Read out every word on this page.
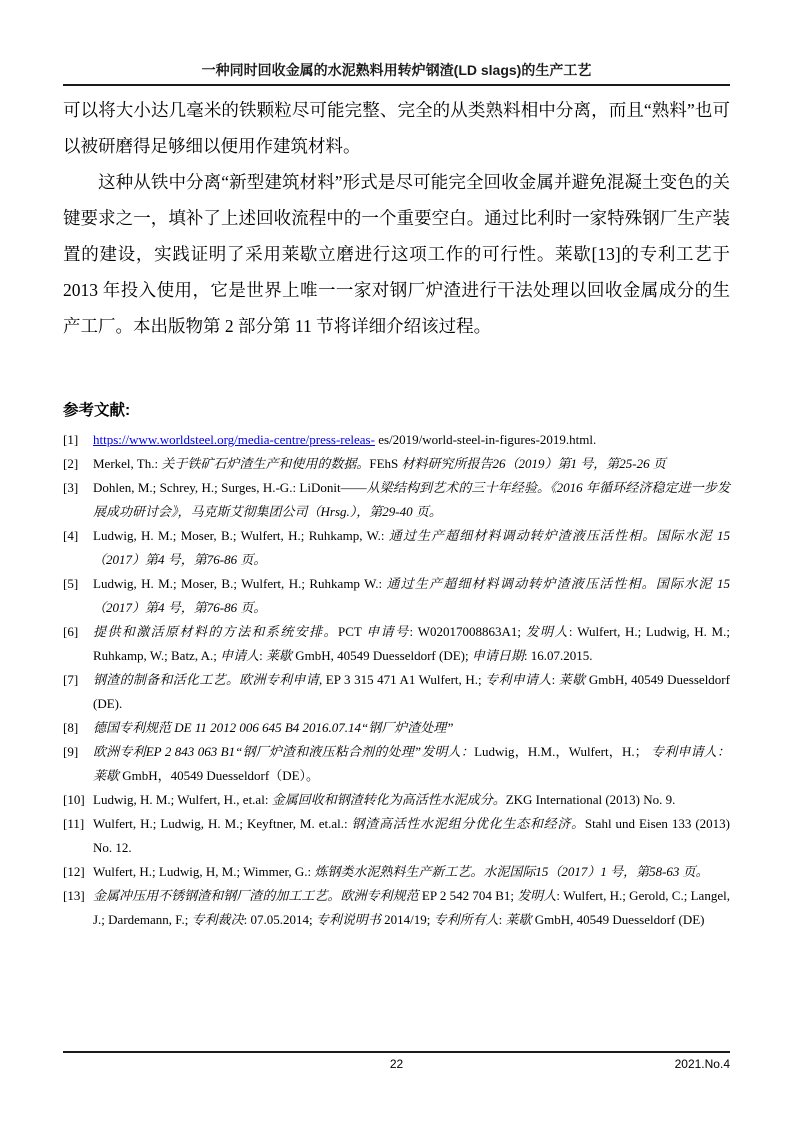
一种同时回收金属的水泥熟料用转炉钢渣(LD slags)的生产工艺

可以将大小达几毫米的铁颗粒尽可能完整、完全的从类熟料相中分离，而且“熟料”也可以被研磨得足够细以便用作建筑材料。

这种从铁中分离“新型建筑材料”形式是尽可能完全回收金属并避免混凝土变色的关键要求之一，填补了上述回收流程中的一个重要空白。通过比利时一家特殊钢厂生产装置的建设，实践证明了采用莱歇立磨进行这项工作的可行性。莱歇[13]的专利工艺于 2013 年投入使用，它是世界上唯一一家对钢厂炉渣进行干法处理以回收金属成分的生产工厂。本出版物第 2 部分第 11 节将详细介绍该过程。

参考文献:
[1] https://www.worldsteel.org/media-centre/press-releas- es/2019/world-steel-in-figures-2019.html.
[2] Merkel, Th.: 关于铁矿石炉渣生产和使用的数据。FEhS 材料研究所报告26（2019）第1 号，第25-26 页
[3] Dohlen, M.; Schrey, H.; Surges, H.-G.: LiDonit——从梁结构到艺术的三十年经验。《2016 年循环经济稳定进一步发展成功研讨会》，马克斯艾彻集团公司（Hrsg.），第29-40 页。
[4] Ludwig, H. M.; Moser, B.; Wulfert, H.; Ruhkamp, W.: 通过生产超细材料调动转炉渣液压活性相。国际水泥 15（2017）第4 号，第76-86 页。
[5] Ludwig, H. M.; Moser, B.; Wulfert, H.; Ruhkamp W.: 通过生产超细材料调动转炉渣液压活性相。国际水泥 15（2017）第4 号，第76-86 页。
[6] 提供和激活原材料的方法和系统安排。PCT 申请号: W02017008863A1; 发明人: Wulfert, H.; Ludwig, H. M.; Ruhkamp, W.; Batz, A.; 申请人: 莱歇 GmbH, 40549 Duesseldorf (DE); 申请日期: 16.07.2015.
[7] 钢渣的制备和活化工艺。欧洲专利申请, EP 3 315 471 A1 Wulfert, H.; 专利申请人: 莱歇 GmbH, 40549 Duesseldorf (DE).
[8] 德国专利规范 DE 11 2012 006 645 B4 2016.07.14“钢厂炉渣处理”
[9] 欧洲专利EP 2 843 063 B1“钢厂炉渣和液压粘合剂的处理”发明人：Ludwig，H.M.，Wulfert，H.； 专利申请人：莱歇 GmbH，40549 Duesseldorf（DE）。
[10] Ludwig, H. M.; Wulfert, H., et.al: 金属回收和钢渣转化为高活性水泥成分。ZKG International (2013) No. 9.
[11] Wulfert, H.; Ludwig, H. M.; Keyftner, M. et.al.: 钢渣高活性水泥组分优化生态和经济。Stahl und Eisen 133 (2013) No. 12.
[12] Wulfert, H.; Ludwig, H, M.; Wimmer, G.: 炼钢类水泥熟料生产新工艺。水泥国际15（2017）1 号，第58-63 页。
[13] 金属冲压用不锈钢渣和钢厂渣的加工工艺。欧洲专利规范 EP 2 542 704 B1; 发明人: Wulfert, H.; Gerold, C.; Langel, J.; Dardemann, F.; 专利裁决: 07.05.2014; 专利说明书 2014/19; 专利所有人: 莱歇 GmbH, 40549 Duesseldorf (DE)
22	2021.No.4
